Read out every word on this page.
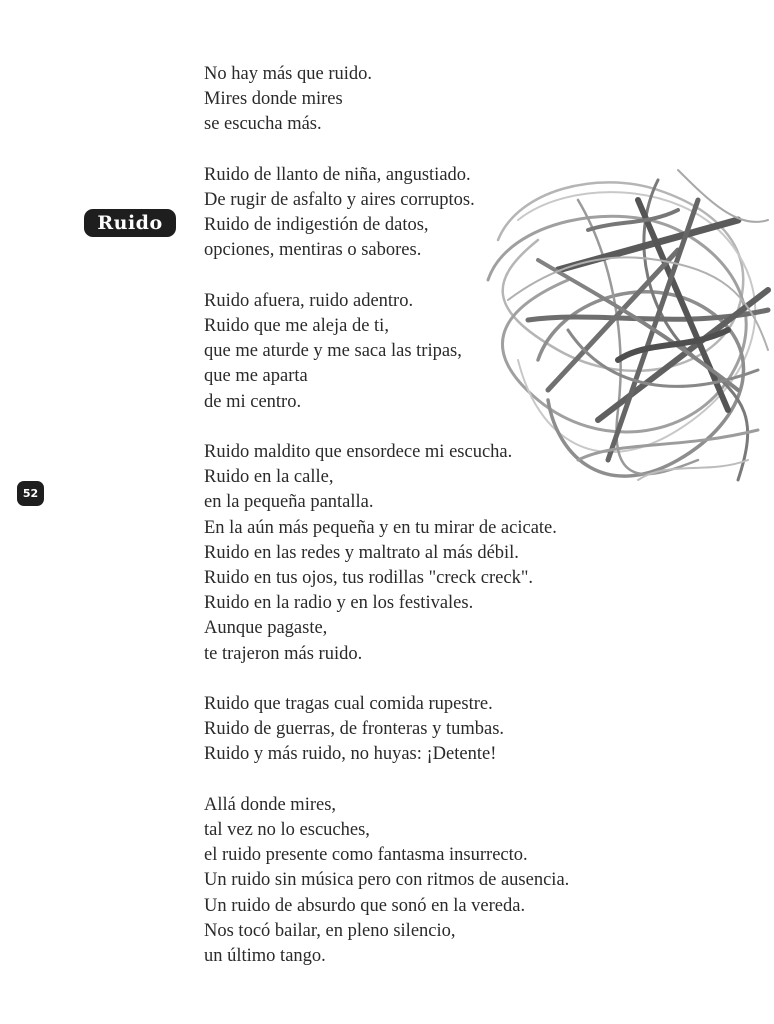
Ruido
52
No hay más que ruido.
Mires donde mires
se escucha más.
Ruido de llanto de niña, angustiado.
De rugir de asfalto y aires corruptos.
Ruido de indigestión de datos,
opciones, mentiras o sabores.
Ruido afuera, ruido adentro.
Ruido que me aleja de ti,
que me aturde y me saca las tripas,
que me aparta
de mi centro.
Ruido maldito que ensordece mi escucha.
Ruido en la calle,
en la pequeña pantalla.
En la aún más pequeña y en tu mirar de acicate.
Ruido en las redes y maltrato al más débil.
Ruido en tus ojos, tus rodillas "creck creck".
Ruido en la radio y en los festivales.
Aunque pagaste,
te trajeron más ruido.
Ruido que tragas cual comida rupestre.
Ruido de guerras, de fronteras y tumbas.
Ruido y más ruido, no huyas: ¡Detente!
Allá donde mires,
tal vez no lo escuches,
el ruido presente como fantasma insurrecto.
Un ruido sin música pero con ritmos de ausencia.
Un ruido de absurdo que sonó en la vereda.
Nos tocó bailar, en pleno silencio,
un último tango.
